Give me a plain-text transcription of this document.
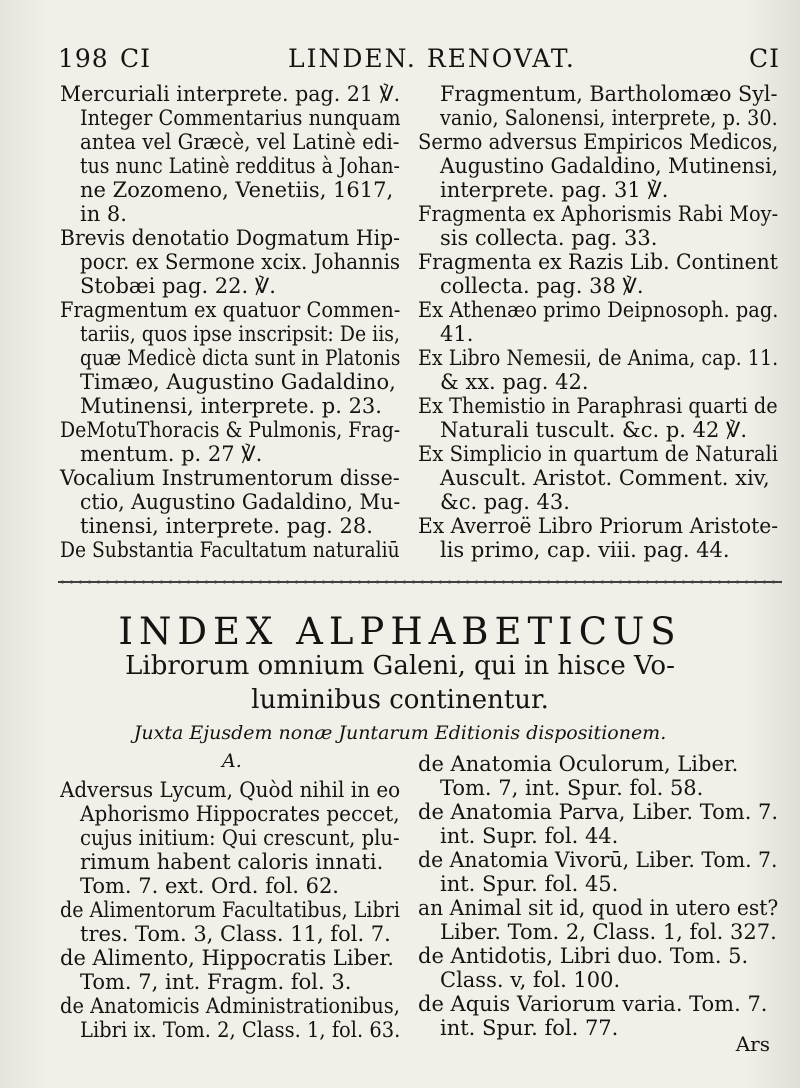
198 CI	LINDEN. RENOVAT.	CI
Mercuriali interprete. pag. 21 ℣.
Integer Commentarius nunquam
antea vel Græcè, vel Latinè edi-
tus nunc Latinè redditus à Johan-
ne Zozomeno, Venetiis, 1617,
in 8.
Brevis denotatio Dogmatum Hip-
pocr. ex Sermone xcix. Johannis
Stobæi pag. 22. ℣.
Fragmentum ex quatuor Commen-
tariis, quos ipse inscripsit: De iis,
quæ Medicè dicta sunt in Platonis
Timæo, Augustino Gadaldino,
Mutinensi, interprete. p. 23.
DeMotuThoracis & Pulmonis, Frag-
mentum. p. 27 ℣.
Vocalium Instrumentorum disse-
ctio, Augustino Gadaldino, Mu-
tinensi, interprete. pag. 28.
De Substantia Facultatum naturaliū
Fragmentum, Bartholomæo Syl-
vanio, Salonensi, interprete, p. 30.
Sermo adversus Empiricos Medicos,
Augustino Gadaldino, Mutinensi,
interprete. pag. 31 ℣.
Fragmenta ex Aphorismis Rabi Moy-
sis collecta. pag. 33.
Fragmenta ex Razis Lib. Continent
collecta. pag. 38 ℣.
Ex Athenæo primo Deipnosoph. pag.
41.
Ex Libro Nemesii, de Anima, cap. 11.
& xx. pag. 42.
Ex Themistio in Paraphrasi quarti de
Naturali tuscult. &c. p. 42 ℣.
Ex Simplicio in quartum de Naturali
Auscult. Aristot. Comment. xiv,
&c. pag. 43.
Ex Averroë Libro Priorum Aristote-
lis primo, cap. viii. pag. 44.
INDEX ALPHABETICUS
Librorum omnium Galeni, qui in hisce Vo-
luminibus continentur.
Juxta Ejusdem nonæ Juntarum Editionis dispositionem.
A.
Adversus Lycum, Quòd nihil in eo
Aphorismo Hippocrates peccet,
cujus initium: Qui crescunt, plu-
rimum habent caloris innati.
Tom. 7. ext. Ord. fol. 62.
de Alimentorum Facultatibus, Libri
tres. Tom. 3, Class. 11, fol. 7.
de Alimento, Hippocratis Liber.
Tom. 7, int. Fragm. fol. 3.
de Anatomicis Administrationibus,
Libri ix. Tom. 2, Class. 1, fol. 63.
de Anatomia Oculorum, Liber.
Tom. 7, int. Spur. fol. 58.
de Anatomia Parva, Liber. Tom. 7.
int. Supr. fol. 44.
de Anatomia Vivorū, Liber. Tom. 7.
int. Spur. fol. 45.
an Animal sit id, quod in utero est?
Liber. Tom. 2, Class. 1, fol. 327.
de Antidotis, Libri duo. Tom. 5.
Class. v, fol. 100.
de Aquis Variorum varia. Tom. 7.
int. Spur. fol. 77.
Ars
